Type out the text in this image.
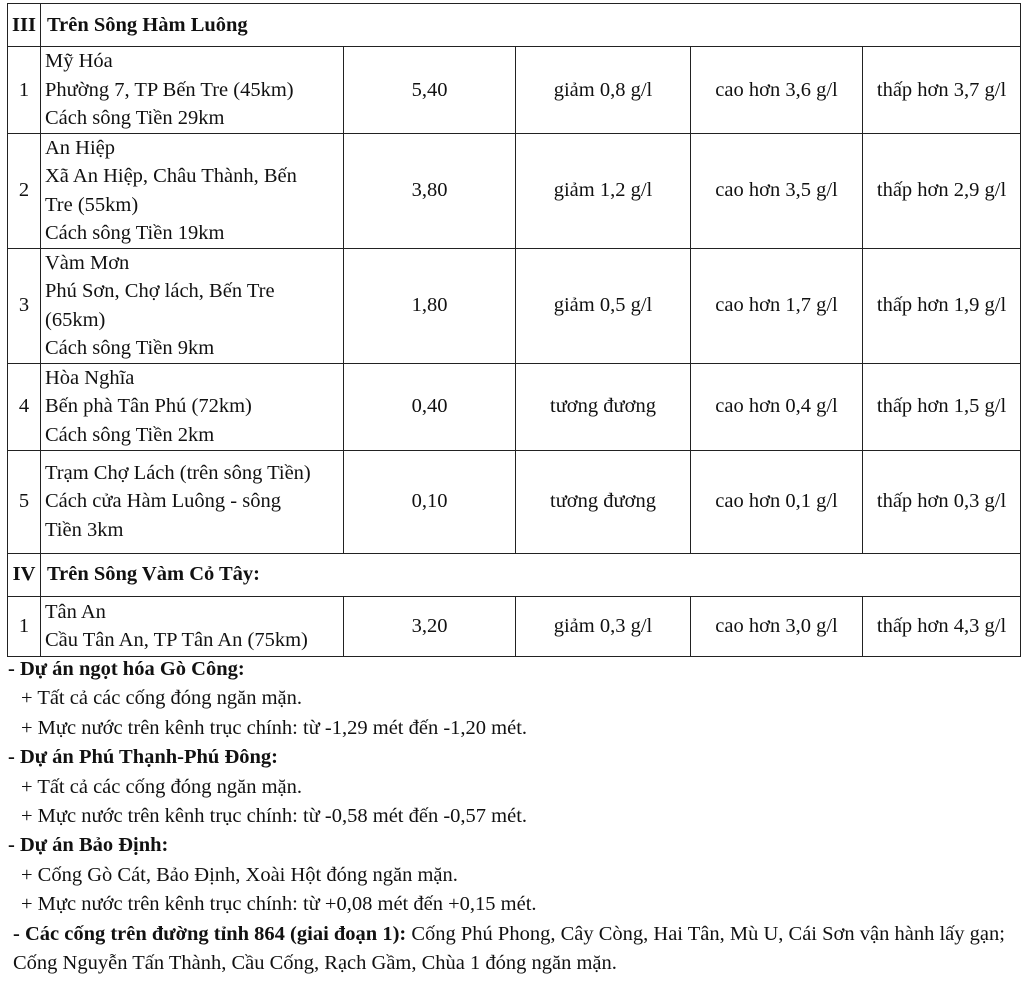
III	Trên Sông Hàm Luông				
1	Mỹ Hóa
Phường 7, TP Bến Tre (45km)
Cách sông Tiền 29km	5,40	giảm 0,8 g/l	cao hơn 3,6 g/l	thấp hơn 3,7 g/l
2	An Hiệp
Xã An Hiệp, Châu Thành, Bến
Tre (55km)
Cách sông Tiền 19km	3,80	giảm 1,2 g/l	cao hơn 3,5 g/l	thấp hơn 2,9 g/l
3	Vàm Mơn
Phú Sơn, Chợ lách, Bến Tre
(65km)
Cách sông Tiền 9km	1,80	giảm 0,5 g/l	cao hơn 1,7 g/l	thấp hơn 1,9 g/l
4	Hòa Nghĩa
Bến phà Tân Phú (72km)
Cách sông Tiền 2km	0,40	tương đương	cao hơn 0,4 g/l	thấp hơn 1,5 g/l
5	Trạm Chợ Lách (trên sông Tiền)
Cách cửa Hàm Luông - sông
Tiền 3km	0,10	tương đương	cao hơn 0,1 g/l	thấp hơn 0,3 g/l
IV	Trên Sông Vàm Cỏ Tây:				
1	Tân An
Cầu Tân An, TP Tân An (75km)	3,20	giảm 0,3 g/l	cao hơn 3,0 g/l	thấp hơn 4,3 g/l
- Dự án ngọt hóa Gò Công:
+ Tất cả các cống đóng ngăn mặn.
+ Mực nước trên kênh trục chính: từ -1,29 mét đến -1,20 mét.
- Dự án Phú Thạnh-Phú Đông:
+ Tất cả các cống đóng ngăn mặn.
+ Mực nước trên kênh trục chính: từ -0,58 mét đến -0,57 mét.
- Dự án Bảo Định:
+ Cống Gò Cát, Bảo Định, Xoài Hột đóng ngăn mặn.
+ Mực nước trên kênh trục chính: từ +0,08 mét đến +0,15 mét.
- Các cống trên đường tỉnh 864 (giai đoạn 1): Cống Phú Phong, Cây Còng, Hai Tân, Mù U, Cái Sơn vận hành lấy gạn; Cống Nguyễn Tấn Thành, Cầu Cống, Rạch Gầm, Chùa 1 đóng ngăn mặn.
